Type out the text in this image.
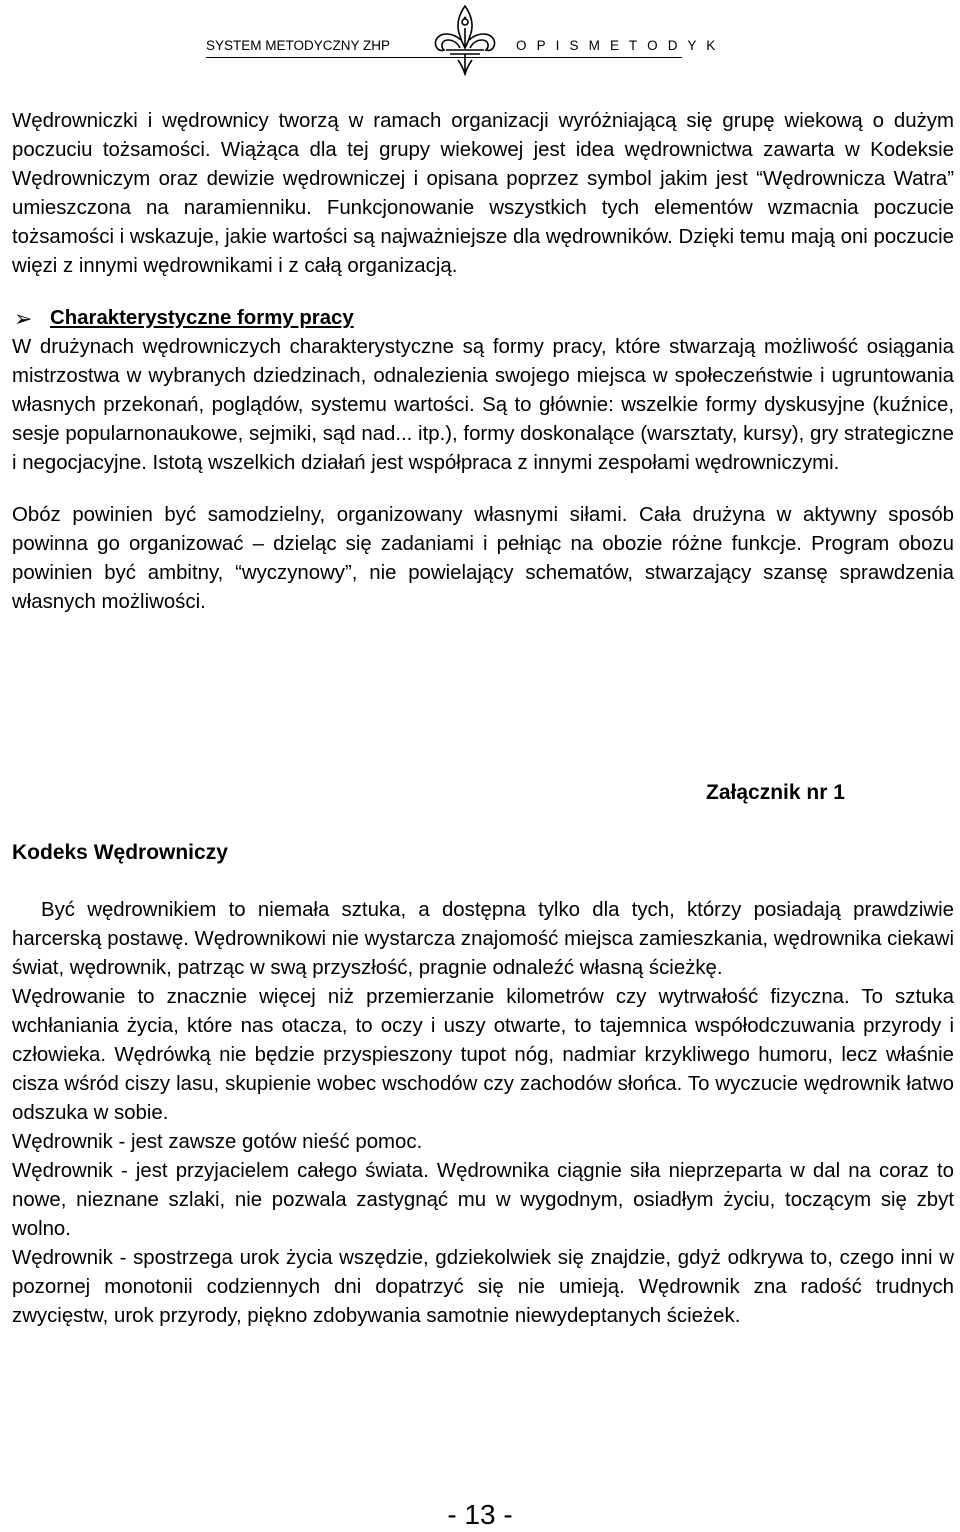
SYSTEM METODYCZNY ZHP	O P I S M E T O D Y K

Wędrowniczki i wędrownicy tworzą w ramach organizacji wyróżniającą się grupę wiekową o dużym poczuciu tożsamości. Wiążąca dla tej grupy wiekowej jest idea wędrownictwa zawarta w Kodeksie Wędrowniczym oraz dewizie wędrowniczej i opisana poprzez symbol jakim jest “Wędrownicza Watra” umieszczona na naramienniku. Funkcjonowanie wszystkich tych elementów wzmacnia poczucie tożsamości i wskazuje, jakie wartości są najważniejsze dla wędrowników. Dzięki temu mają oni poczucie więzi z innymi wędrownikami i z całą organizacją.

➢ Charakterystyczne formy pracy

W drużynach wędrowniczych charakterystyczne są formy pracy, które stwarzają możliwość osiągania mistrzostwa w wybranych dziedzinach, odnalezienia swojego miejsca w społeczeństwie i ugruntowania własnych przekonań, poglądów, systemu wartości. Są to głównie: wszelkie formy dyskusyjne (kuźnice, sesje popularnonaukowe, sejmiki, sąd nad... itp.), formy doskonalące (warsztaty, kursy), gry strategiczne i negocjacyjne. Istotą wszelkich działań jest współpraca z innymi zespołami wędrowniczymi.

Obóz powinien być samodzielny, organizowany własnymi siłami. Cała drużyna w aktywny sposób powinna go organizować – dzieląc się zadaniami i pełniąc na obozie różne funkcje. Program obozu powinien być ambitny, “wyczynowy”, nie powielający schematów, stwarzający szansę sprawdzenia własnych możliwości.

Załącznik nr 1
Kodeks Wędrowniczy

Być wędrownikiem to niemała sztuka, a dostępna tylko dla tych, którzy posiadają prawdziwie harcerską postawę. Wędrownikowi nie wystarcza znajomość miejsca zamieszkania, wędrownika ciekawi świat, wędrownik, patrząc w swą przyszłość, pragnie odnaleźć własną ścieżkę.

Wędrowanie to znacznie więcej niż przemierzanie kilometrów czy wytrwałość fizyczna. To sztuka wchłaniania życia, które nas otacza, to oczy i uszy otwarte, to tajemnica współodczuwania przyrody i człowieka. Wędrówką nie będzie przyspieszony tupot nóg, nadmiar krzykliwego humoru, lecz właśnie cisza wśród ciszy lasu, skupienie wobec wschodów czy zachodów słońca. To wyczucie wędrownik łatwo odszuka w sobie.

Wędrownik - jest zawsze gotów nieść pomoc.

Wędrownik - jest przyjacielem całego świata. Wędrownika ciągnie siła nieprzeparta w dal na coraz to nowe, nieznane szlaki, nie pozwala zastygnąć mu w wygodnym, osiadłym życiu, toczącym się zbyt wolno.

Wędrownik - spostrzega urok życia wszędzie, gdziekolwiek się znajdzie, gdyż odkrywa to, czego inni w pozornej monotonii codziennych dni dopatrzyć się nie umieją. Wędrownik zna radość trudnych zwycięstw, urok przyrody, piękno zdobywania samotnie niewydeptanych ścieżek.

- 13 -
